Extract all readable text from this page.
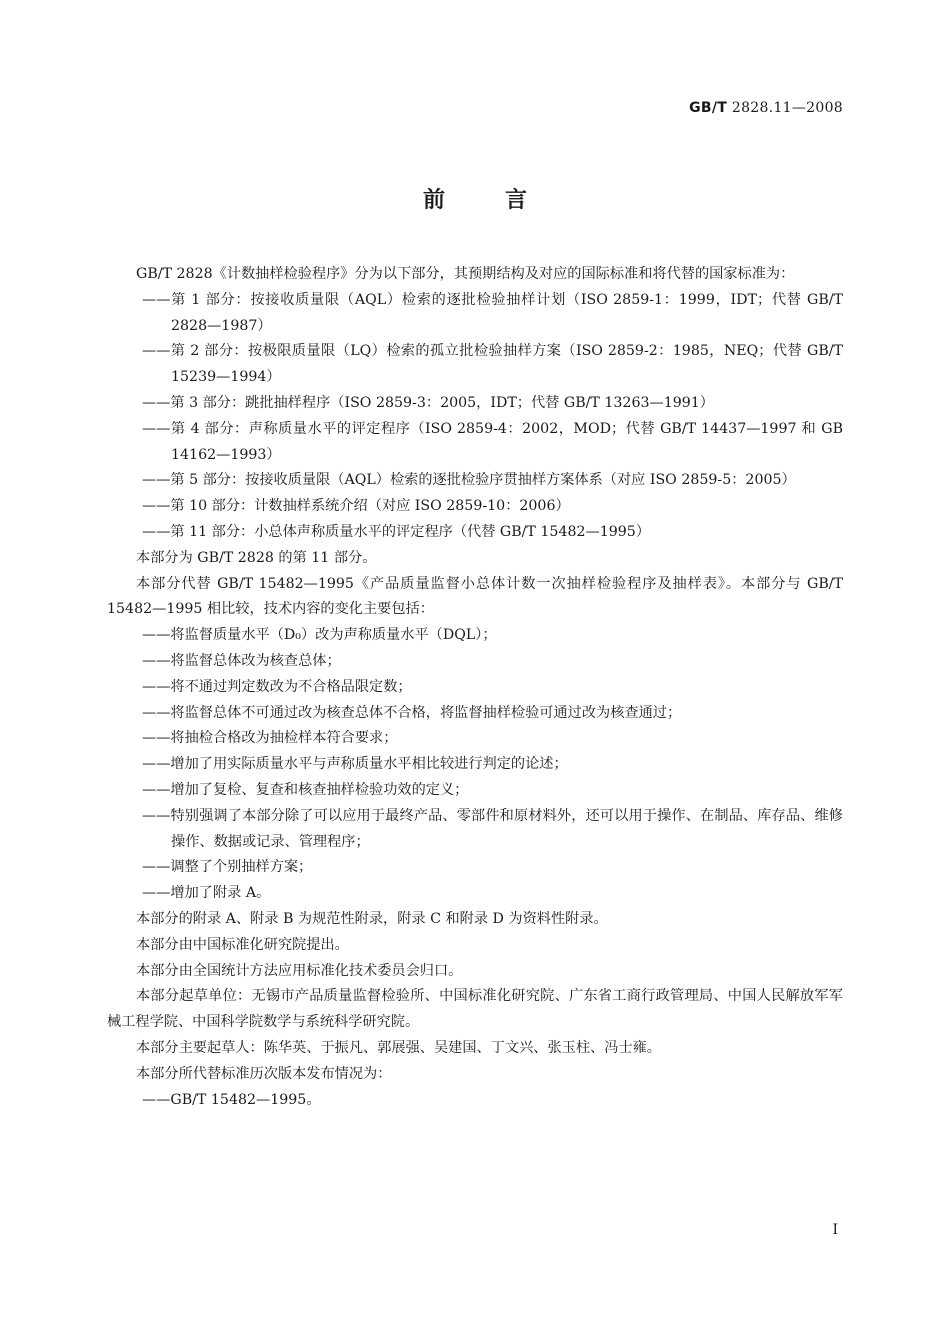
GB/T 2828.11—2008
前言

GB/T 2828《计数抽样检验程序》分为以下部分，其预期结构及对应的国际标准和将代替的国家标准为：

——第 1 部分：按接收质量限（AQL）检索的逐批检验抽样计划（ISO 2859-1：1999，IDT；代替 GB/T 2828—1987）

——第 2 部分：按极限质量限（LQ）检索的孤立批检验抽样方案（ISO 2859-2：1985，NEQ；代替 GB/T 15239—1994）

——第 3 部分：跳批抽样程序（ISO 2859-3：2005，IDT；代替 GB/T 13263—1991）

——第 4 部分：声称质量水平的评定程序（ISO 2859-4：2002，MOD；代替 GB/T 14437—1997 和 GB 14162—1993）

——第 5 部分：按接收质量限（AQL）检索的逐批检验序贯抽样方案体系（对应 ISO 2859-5：2005）

——第 10 部分：计数抽样系统介绍（对应 ISO 2859-10：2006）

——第 11 部分：小总体声称质量水平的评定程序（代替 GB/T 15482—1995）

本部分为 GB/T 2828 的第 11 部分。

本部分代替 GB/T 15482—1995《产品质量监督小总体计数一次抽样检验程序及抽样表》。本部分与 GB/T 15482—1995 相比较，技术内容的变化主要包括：

——将监督质量水平（D₀）改为声称质量水平（DQL）；

——将监督总体改为核查总体；

——将不通过判定数改为不合格品限定数；

——将监督总体不可通过改为核查总体不合格，将监督抽样检验可通过改为核查通过；

——将抽检合格改为抽检样本符合要求；

——增加了用实际质量水平与声称质量水平相比较进行判定的论述；

——增加了复检、复查和核查抽样检验功效的定义；

——特别强调了本部分除了可以应用于最终产品、零部件和原材料外，还可以用于操作、在制品、库存品、维修操作、数据或记录、管理程序；

——调整了个别抽样方案；

——增加了附录 A。

本部分的附录 A、附录 B 为规范性附录，附录 C 和附录 D 为资料性附录。

本部分由中国标准化研究院提出。

本部分由全国统计方法应用标准化技术委员会归口。

本部分起草单位：无锡市产品质量监督检验所、中国标准化研究院、广东省工商行政管理局、中国人民解放军军械工程学院、中国科学院数学与系统科学研究院。

本部分主要起草人：陈华英、于振凡、郭展强、吴建国、丁文兴、张玉柱、冯士雍。

本部分所代替标准历次版本发布情况为：

——GB/T 15482—1995。

I
